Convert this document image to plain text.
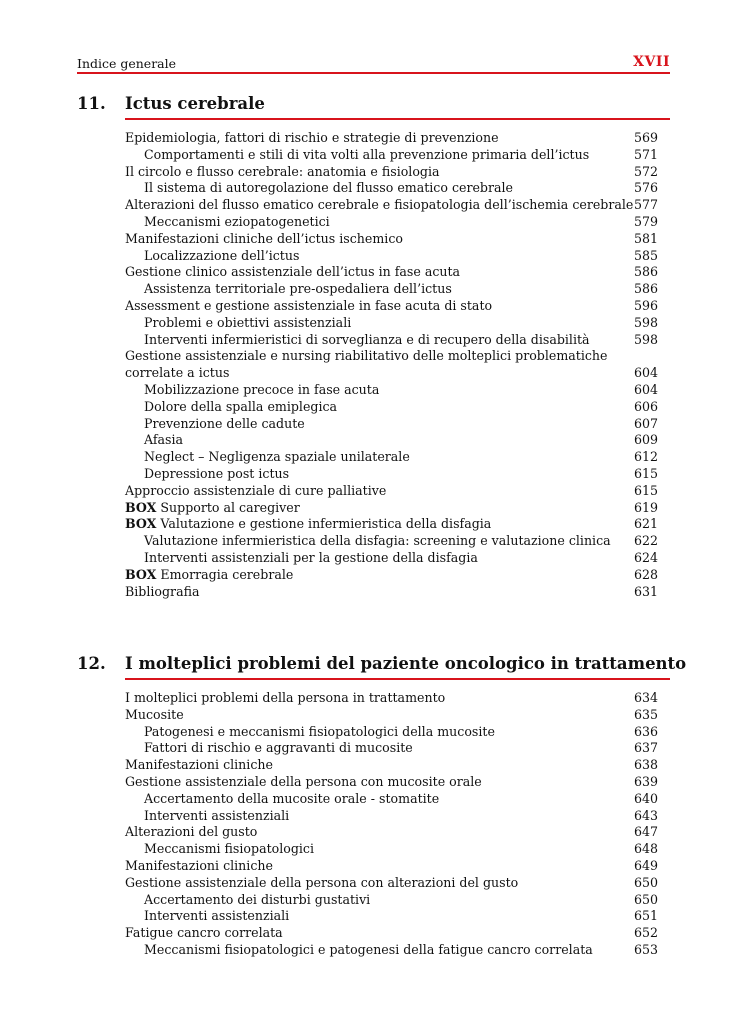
Indice generale	XVII
11. Ictus cerebrale
Epidemiologia, fattori di rischio e strategie di prevenzione	569
Comportamenti e stili di vita volti alla prevenzione primaria dell’ictus	571
Il circolo e flusso cerebrale: anatomia e fisiologia	572
Il sistema di autoregolazione del flusso ematico cerebrale	576
Alterazioni del flusso ematico cerebrale e fisiopatologia dell’ischemia cerebrale 577
Meccanismi eziopatogenetici	579
Manifestazioni cliniche dell’ictus ischemico	581
Localizzazione dell’ictus	585
Gestione clinico assistenziale dell’ictus in fase acuta	586
Assistenza territoriale pre-ospedaliera dell’ictus	586
Assessment e gestione assistenziale in fase acuta di stato	596
Problemi e obiettivi assistenziali	598
Interventi infermieristici di sorveglianza e di recupero della disabilità	598
Gestione assistenziale e nursing riabilitativo delle molteplici problematiche
correlate a ictus	604
Mobilizzazione precoce in fase acuta	604
Dolore della spalla emiplegica	606
Prevenzione delle cadute	607
Afasia	609
Neglect – Negligenza spaziale unilaterale	612
Depressione post ictus	615
Approccio assistenziale di cure palliative	615
BOX Supporto al caregiver	619
BOX Valutazione e gestione infermieristica della disfagia	621
Valutazione infermieristica della disfagia: screening e valutazione clinica 622
Interventi assistenziali per la gestione della disfagia	624
BOX Emorragia cerebrale	628
Bibliografia	631
12. I molteplici problemi del paziente oncologico in trattamento
I molteplici problemi della persona in trattamento	634
Mucosite	635
Patogenesi e meccanismi fisiopatologici della mucosite	636
Fattori di rischio e aggravanti di mucosite	637
Manifestazioni cliniche	638
Gestione assistenziale della persona con mucosite orale	639
Accertamento della mucosite orale - stomatite	640
Interventi assistenziali	643
Alterazioni del gusto	647
Meccanismi fisiopatologici	648
Manifestazioni cliniche	649
Gestione assistenziale della persona con alterazioni del gusto	650
Accertamento dei disturbi gustativi	650
Interventi assistenziali	651
Fatigue cancro correlata	652
Meccanismi fisiopatologici e patogenesi della fatigue cancro correlata	653
